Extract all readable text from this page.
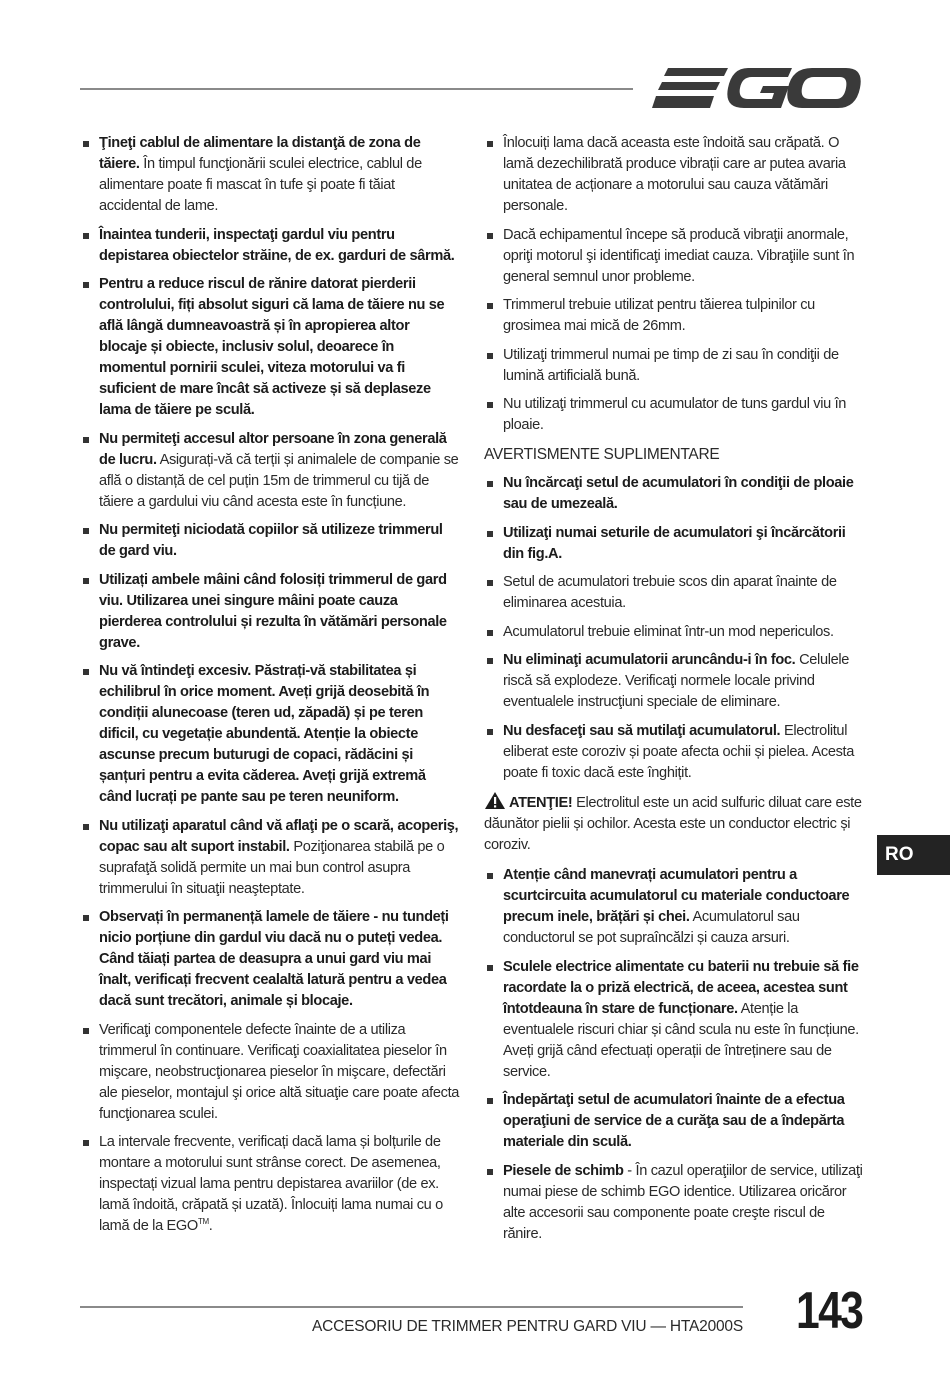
Ţineţi cablul de alimentare la distanţă de zona de tăiere. În timpul funcţionării sculei electrice, cablul de alimentare poate fi mascat în tufe şi poate fi tăiat accidental de lame.
Înaintea tunderii, inspectaţi gardul viu pentru depistarea obiectelor străine, de ex. garduri de sârmă.
Pentru a reduce riscul de rănire datorat pierderii controlului, fiți absolut siguri că lama de tăiere nu se află lângă dumneavoastră și în apropierea altor blocaje și obiecte, inclusiv solul, deoarece în momentul pornirii sculei, viteza motorului va fi suficient de mare încât să activeze și să deplaseze lama de tăiere pe sculă.
Nu permiteţi accesul altor persoane în zona generală de lucru. Asigurați-vă că terții și animalele de companie se află o distanță de cel puțin 15m de trimmerul cu tijă de tăiere a gardului viu când acesta este în funcțiune.
Nu permiteţi niciodată copiilor să utilizeze trimmerul de gard viu.
Utilizați ambele mâini când folosiți trimmerul de gard viu. Utilizarea unei singure mâini poate cauza pierderea controlului și rezulta în vătămări personale grave.
Nu vă întindeţi excesiv. Păstrați-vă stabilitatea și echilibrul în orice moment. Aveți grijă deosebită în condiții alunecoase (teren ud, zăpadă) și pe teren dificil, cu vegetație abundentă. Atenție la obiecte ascunse precum buturugi de copaci, rădăcini și șanțuri pentru a evita căderea. Aveți grijă extremă când lucrați pe pante sau pe teren neuniform.
Nu utilizaţi aparatul când vă aflaţi pe o scară, acoperiş, copac sau alt suport instabil. Poziţionarea stabilă pe o suprafaţă solidă permite un mai bun control asupra trimmerului în situaţii neaşteptate.
Observați în permanență lamele de tăiere - nu tundeți nicio porțiune din gardul viu dacă nu o puteți vedea. Când tăiați partea de deasupra a unui gard viu mai înalt, verificați frecvent cealaltă latură pentru a vedea dacă sunt trecători, animale și blocaje.
Verificaţi componentele defecte înainte de a utiliza trimmerul în continuare. Verificaţi coaxialitatea pieselor în mişcare, neobstrucţionarea pieselor în mişcare, defectări ale pieselor, montajul şi orice altă situaţie care poate afecta funcţionarea sculei.
La intervale frecvente, verificați dacă lama și bolțurile de montare a motorului sunt strânse corect. De asemenea, inspectați vizual lama pentru depistarea avariilor (de ex. lamă îndoită, crăpată și uzată). Înlocuiți lama numai cu o lamă de la EGO™.
Înlocuiți lama dacă aceasta este îndoită sau crăpată. O lamă dezechilibrată produce vibrații care ar putea avaria unitatea de acționare a motorului sau cauza vătămări personale.
Dacă echipamentul începe să producă vibraţii anormale, opriţi motorul şi identificaţi imediat cauza. Vibraţiile sunt în general semnul unor probleme.
Trimmerul trebuie utilizat pentru tăierea tulpinilor cu grosimea mai mică de 26mm.
Utilizaţi trimmerul numai pe timp de zi sau în condiţii de lumină artificială bună.
Nu utilizaţi trimmerul cu acumulator de tuns gardul viu în ploaie.
AVERTISMENTE SUPLIMENTARE
Nu încărcaţi setul de acumulatori în condiţii de ploaie sau de umezeală.
Utilizaţi numai seturile de acumulatori şi încărcătorii din fig.A.
Setul de acumulatori trebuie scos din aparat înainte de eliminarea acestuia.
Acumulatorul trebuie eliminat într-un mod nepericulos.
Nu eliminaţi acumulatorii aruncându-i în foc. Celulele riscă să explodeze. Verificaţi normele locale privind eventualele instrucţiuni speciale de eliminare.
Nu desfaceţi sau să mutilaţi acumulatorul. Electrolitul eliberat este coroziv și poate afecta ochii și pielea. Acesta poate fi toxic dacă este înghițit.
ATENŢIE! Electrolitul este un acid sulfuric diluat care este dăunător pielii și ochilor. Acesta este un conductor electric și coroziv.
Atenție când manevrați acumulatori pentru a scurtcircuita acumulatorul cu materiale conductoare precum inele, brățări și chei. Acumulatorul sau conductorul se pot supraîncălzi și cauza arsuri.
Sculele electrice alimentate cu baterii nu trebuie să fie racordate la o priză electrică, de aceea, acestea sunt întotdeauna în stare de funcționare. Atenție la eventualele riscuri chiar și când scula nu este în funcțiune. Aveți grijă când efectuați operații de întreținere sau de service.
Îndepărtaţi setul de acumulatori înainte de a efectua operaţiuni de service de a curăţa sau de a îndepărta materiale din sculă.
Piesele de schimb - În cazul operaţiilor de service, utilizaţi numai piese de schimb EGO identice. Utilizarea oricăror alte accesorii sau componente poate creşte riscul de rănire.
RO
ACCESORIU DE TRIMMER PENTRU GARD VIU — HTA2000S 143
